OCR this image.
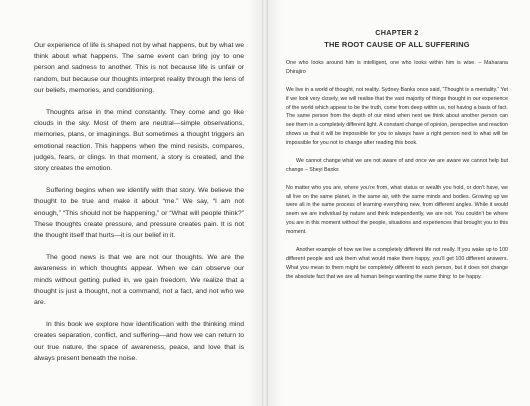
Our experience of life is shaped not by what happens, but by what we think about what happens. The same event can bring joy to one person and sadness to another. This is not because life is unfair or random, but because our thoughts interpret reality through the lens of our beliefs, memories, and conditioning.

Thoughts arise in the mind constantly. They come and go like clouds in the sky. Most of them are neutral—simple observations, memories, plans, or imaginings. But sometimes a thought triggers an emotional reaction. This happens when the mind resists, compares, judges, fears, or clings. In that moment, a story is created, and the story creates the emotion.

Suffering begins when we identify with that story. We believe the thought to be true and make it about “me.” We say, “I am not enough,” “This should not be happening,” or “What will people think?” These thoughts create pressure, and pressure creates pain. It is not the thought itself that hurts—it is our belief in it.

The good news is that we are not our thoughts. We are the awareness in which thoughts appear. When we can observe our minds without getting pulled in, we gain freedom. We realize that a thought is just a thought, not a command, not a fact, and not who we are.

In this book we explore how identification with the thinking mind creates separation, conflict, and suffering—and how we can return to our true nature, the space of awareness, peace, and love that is always present beneath the noise.

CHAPTER 2
THE ROOT CAUSE OF ALL SUFFERING

One who looks around him is intelligent, one who looks within him is wise. – Maharana Dhirajiro

We live in a world of thought, not reality. Sydney Banks once said, “Thought is a mentality.” Yet if we look very closely, we will realise that the vast majority of things thought in our experience of the world which appear to be the truth, come from deep within us, not having a basis of fact. The same person from the depth of our mind when next we think about another person can see them in a completely different light. A constant change of opinion, perspective and reaction shows us that it will be impossible for you to always have a right person next to what will be impossible for you not to change after reading this book.

We cannot change what we are not aware of and once we are aware we cannot help but change – Sheyi Banks

No matter who you are, where you’re from, what status or wealth you hold, or don’t have, we all live on the same planet, in the same air, with the same minds and bodies. Growing up we were all in the same process of learning everything new, from different angles. While it would seem we are individual by nature and think independently, we are not. You couldn’t be where you are in this moment without the people, situations and experiences that brought you to this moment.

Another example of how we live a completely different life not really. If you wake up to 100 different people and ask them what would make them happy, you’ll get 100 different answers. What you mean to them might be completely different to each person, but it does not change the absolute fact that we are all human beings wanting the same thing: to be happy.
